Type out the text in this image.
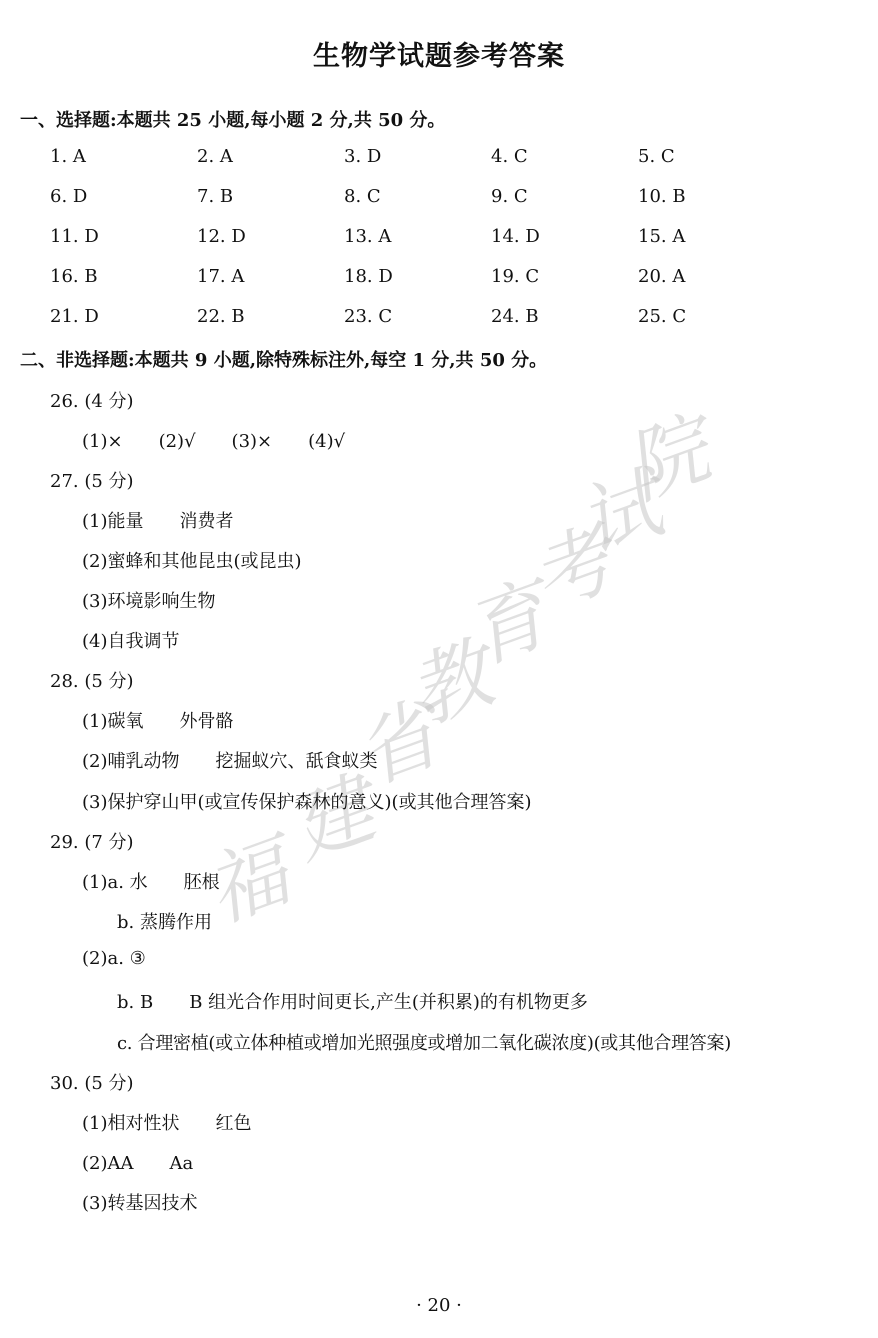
福
建
省
教
育
考
试
院
生物学试题参考答案
一、选择题:本题共 25 小题,每小题 2 分,共 50 分。
1. A	2. A	3. D	4. C	5. C
6. D	7. B	8. C	9. C	10. B
11. D	12. D	13. A	14. D	15. A
16. B	17. A	18. D	19. C	20. A
21. D	22. B	23. C	24. B	25. C
二、非选择题:本题共 9 小题,除特殊标注外,每空 1 分,共 50 分。
26. (4 分)
(1)×　　(2)√　　(3)×　　(4)√
27. (5 分)
(1)能量　　消费者
(2)蜜蜂和其他昆虫(或昆虫)
(3)环境影响生物
(4)自我调节
28. (5 分)
(1)碳氧　　外骨骼
(2)哺乳动物　　挖掘蚁穴、舐食蚁类
(3)保护穿山甲(或宣传保护森林的意义)(或其他合理答案)
29. (7 分)
(1)a. 水　　胚根
b. 蒸腾作用
(2)a. ③
b. B　　B 组光合作用时间更长,产生(并积累)的有机物更多
c. 合理密植(或立体种植或增加光照强度或增加二氧化碳浓度)(或其他合理答案)
30. (5 分)
(1)相对性状　　红色
(2)AA　　Aa
(3)转基因技术
· 20 ·
